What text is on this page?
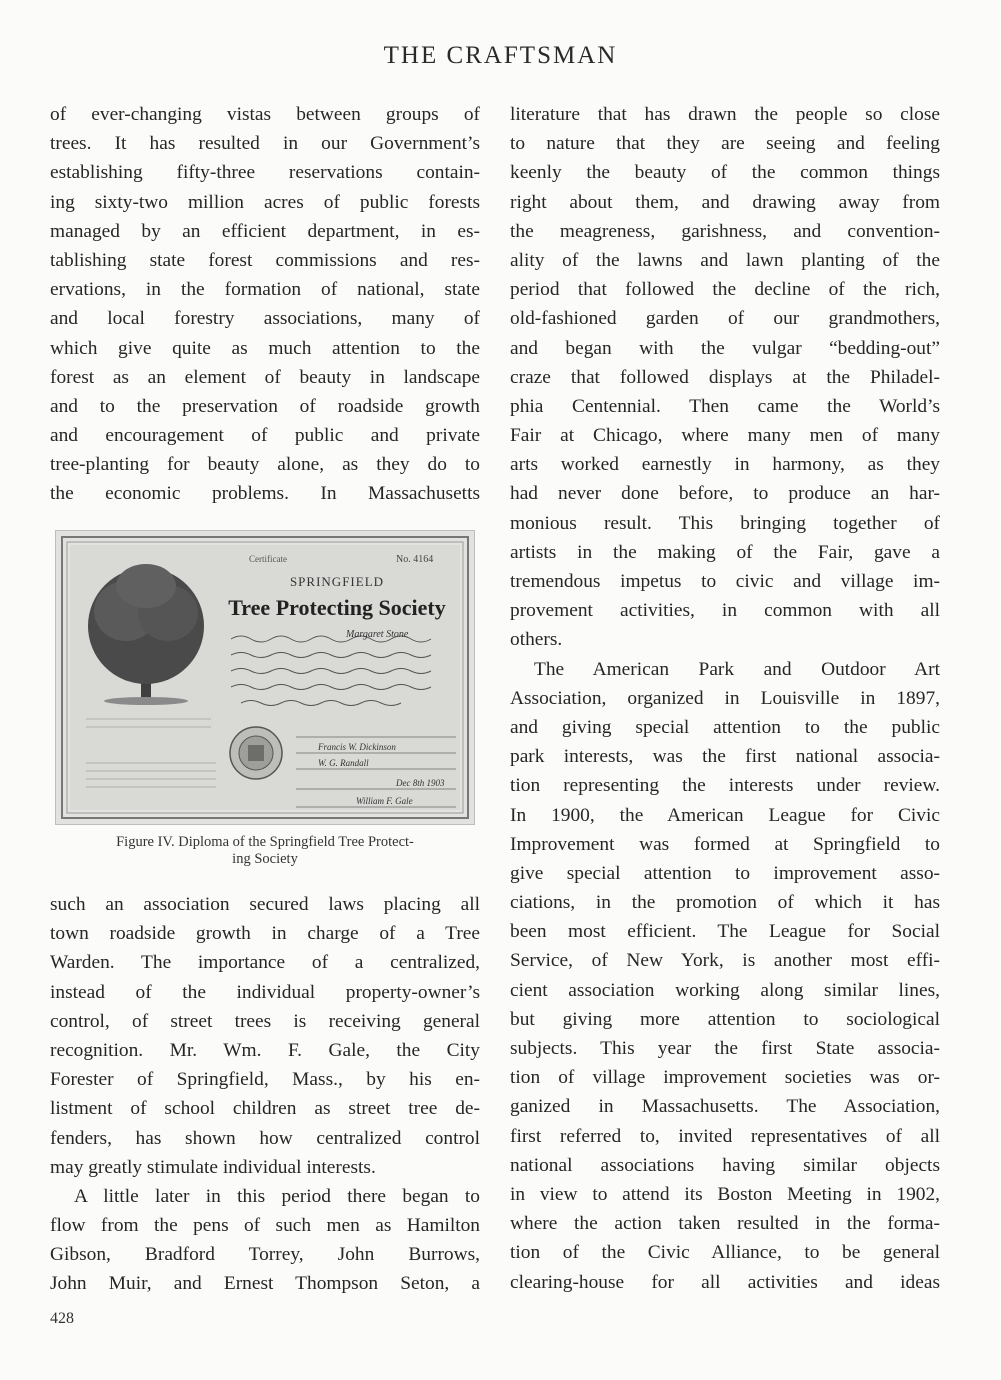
THE CRAFTSMAN
of ever-changing vistas between groups of
trees. It has resulted in our Government’s
establishing fifty-three reservations contain-
ing sixty-two million acres of public forests
managed by an efficient department, in es-
tablishing state forest commissions and res-
ervations, in the formation of national, state
and local forestry associations, many of
which give quite as much attention to the
forest as an element of beauty in landscape
and to the preservation of roadside growth
and encouragement of public and private
tree-planting for beauty alone, as they do to
the economic problems. In Massachusetts
Certificate	No. 4164
SPRINGFIELD
Tree Protecting Society
Margaret Stone
Francis W. Dickinson
W. G. Randall
Dec 8th 1903
William F. Gale
Figure IV. Diploma of the Springfield Tree Protect-
ing Society
such an association secured laws placing all
town roadside growth in charge of a Tree
Warden. The importance of a centralized,
instead of the individual property-owner’s
control, of street trees is receiving general
recognition. Mr. Wm. F. Gale, the City
Forester of Springfield, Mass., by his en-
listment of school children as street tree de-
fenders, has shown how centralized control
may greatly stimulate individual interests.
A little later in this period there began to
flow from the pens of such men as Hamilton
Gibson, Bradford Torrey, John Burrows,
John Muir, and Ernest Thompson Seton, a
literature that has drawn the people so close
to nature that they are seeing and feeling
keenly the beauty of the common things
right about them, and drawing away from
the meagreness, garishness, and convention-
ality of the lawns and lawn planting of the
period that followed the decline of the rich,
old-fashioned garden of our grandmothers,
and began with the vulgar “bedding-out”
craze that followed displays at the Philadel-
phia Centennial. Then came the World’s
Fair at Chicago, where many men of many
arts worked earnestly in harmony, as they
had never done before, to produce an har-
monious result. This bringing together of
artists in the making of the Fair, gave a
tremendous impetus to civic and village im-
provement activities, in common with all
others.
The American Park and Outdoor Art
Association, organized in Louisville in 1897,
and giving special attention to the public
park interests, was the first national associa-
tion representing the interests under review.
In 1900, the American League for Civic
Improvement was formed at Springfield to
give special attention to improvement asso-
ciations, in the promotion of which it has
been most efficient. The League for Social
Service, of New York, is another most effi-
cient association working along similar lines,
but giving more attention to sociological
subjects. This year the first State associa-
tion of village improvement societies was or-
ganized in Massachusetts. The Association,
first referred to, invited representatives of all
national associations having similar objects
in view to attend its Boston Meeting in 1902,
where the action taken resulted in the forma-
tion of the Civic Alliance, to be general
clearing-house for all activities and ideas
428
